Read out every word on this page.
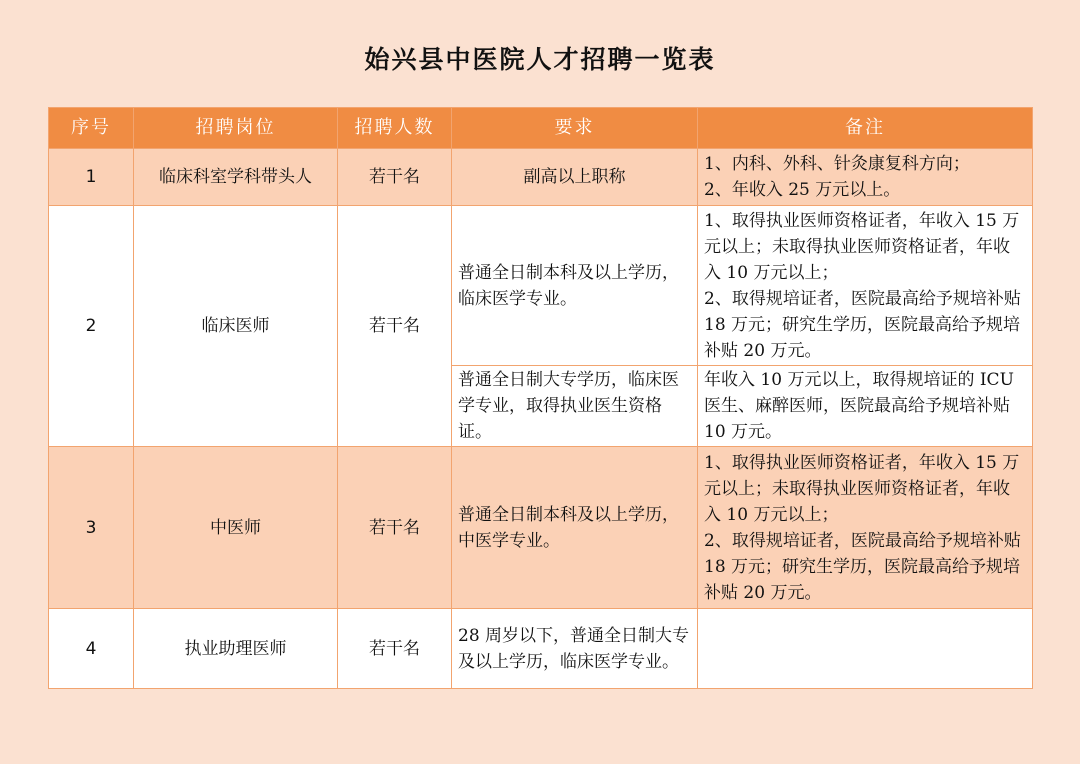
始兴县中医院人才招聘一览表
序号	招聘岗位	招聘人数	要求	备注
1	临床科室学科带头人	若干名	副高以上职称	1、内科、外科、针灸康复科方向；
2、年收入 25 万元以上。

2	临床医师	若干名	普通全日制本科及以上学历，临床医学专业。	1、取得执业医师资格证者，年收入 15 万元以上；未取得执业医师资格证者，年收入 10 万元以上；
2、取得规培证者，医院最高给予规培补贴 18 万元；研究生学历，医院最高给予规培补贴 20 万元。

			普通全日制大专学历，临床医学专业，取得执业医生资格证。	年收入 10 万元以上，取得规培证的 ICU 医生、麻醉医师，医院最高给予规培补贴 10 万元。
3	中医师	若干名	普通全日制本科及以上学历，中医学专业。	1、取得执业医师资格证者，年收入 15 万元以上；未取得执业医师资格证者，年收入 10 万元以上；
2、取得规培证者，医院最高给予规培补贴 18 万元；研究生学历，医院最高给予规培补贴 20 万元。

4	执业助理医师	若干名	28 周岁以下，普通全日制大专及以上学历，临床医学专业。	
